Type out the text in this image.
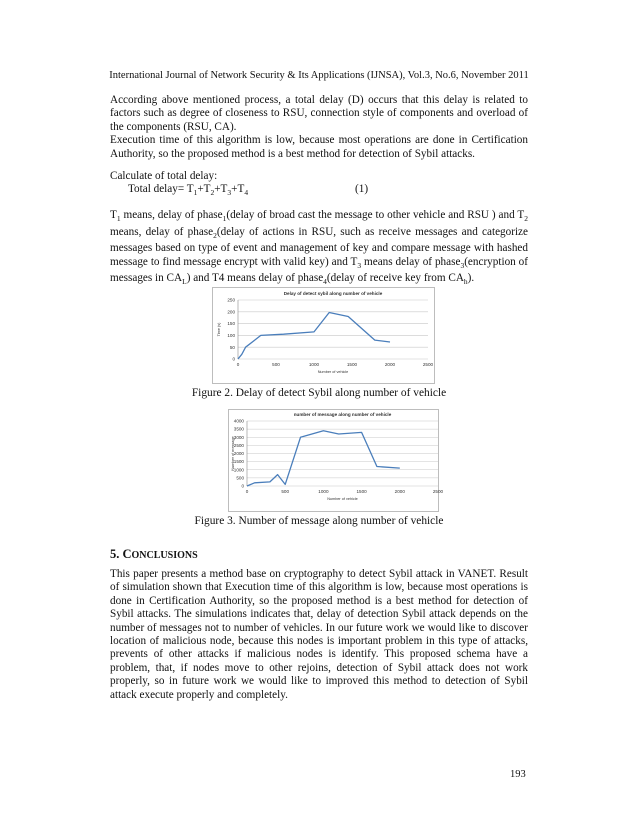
International Journal of Network Security & Its Applications (IJNSA), Vol.3, No.6, November 2011

According above mentioned process, a total delay (D) occurs that this delay is related to factors such as degree of closeness to RSU, connection style of components and overload of the components (RSU, CA).

Execution time of this algorithm is low, because most operations are done in Certification Authority, so the proposed method is a best method for detection of Sybil attacks.

Calculate of total delay:
Total delay= $T_1+T_2+T_3+T_4$	(1)

$T_1$ means, delay of phase$_1$(delay of broad cast the message to other vehicle and RSU ) and $T_2$ means, delay of phase$_2$(delay of actions in RSU, such as receive messages and categorize messages based on type of event and management of key and compare message with hashed message to find message encrypt with valid key) and $T_3$ means delay of phase$_3$(encryption of messages in $CA_L$) and T4 means delay of phase$_4$(delay of receive key from $CA_h$).

Delay of detect sybil along number of vehicle
0
50
100
150
200
250
0	500	1000	1500	2000	2500
Number of vehicle
Time (s)
Figure 2. Delay of detect Sybil along number of vehicle
number of message along number of vehicle
0
500
1000
1500
2000
2500
3000
3500
4000
0	500	1000	1500	2000	2500
Number of vehicle
Number of message
Figure 3. Number of message along number of vehicle
5. CONCLUSIONS

This paper presents a method base on cryptography to detect Sybil attack in VANET. Result of simulation shown that Execution time of this algorithm is low, because most operations is done in Certification Authority, so the proposed method is a best method for detection of Sybil attacks. The simulations indicates that, delay of detection Sybil attack depends on the number of messages not to number of vehicles. In our future work we would like to discover location of malicious node, because this nodes is important problem in this type of attacks, prevents of other attacks if malicious nodes is identify. This proposed schema have a problem, that, if nodes move to other rejoins, detection of Sybil attack does not work properly, so in future work we would like to improved this method to detection of Sybil attack execute properly and completely.

193
